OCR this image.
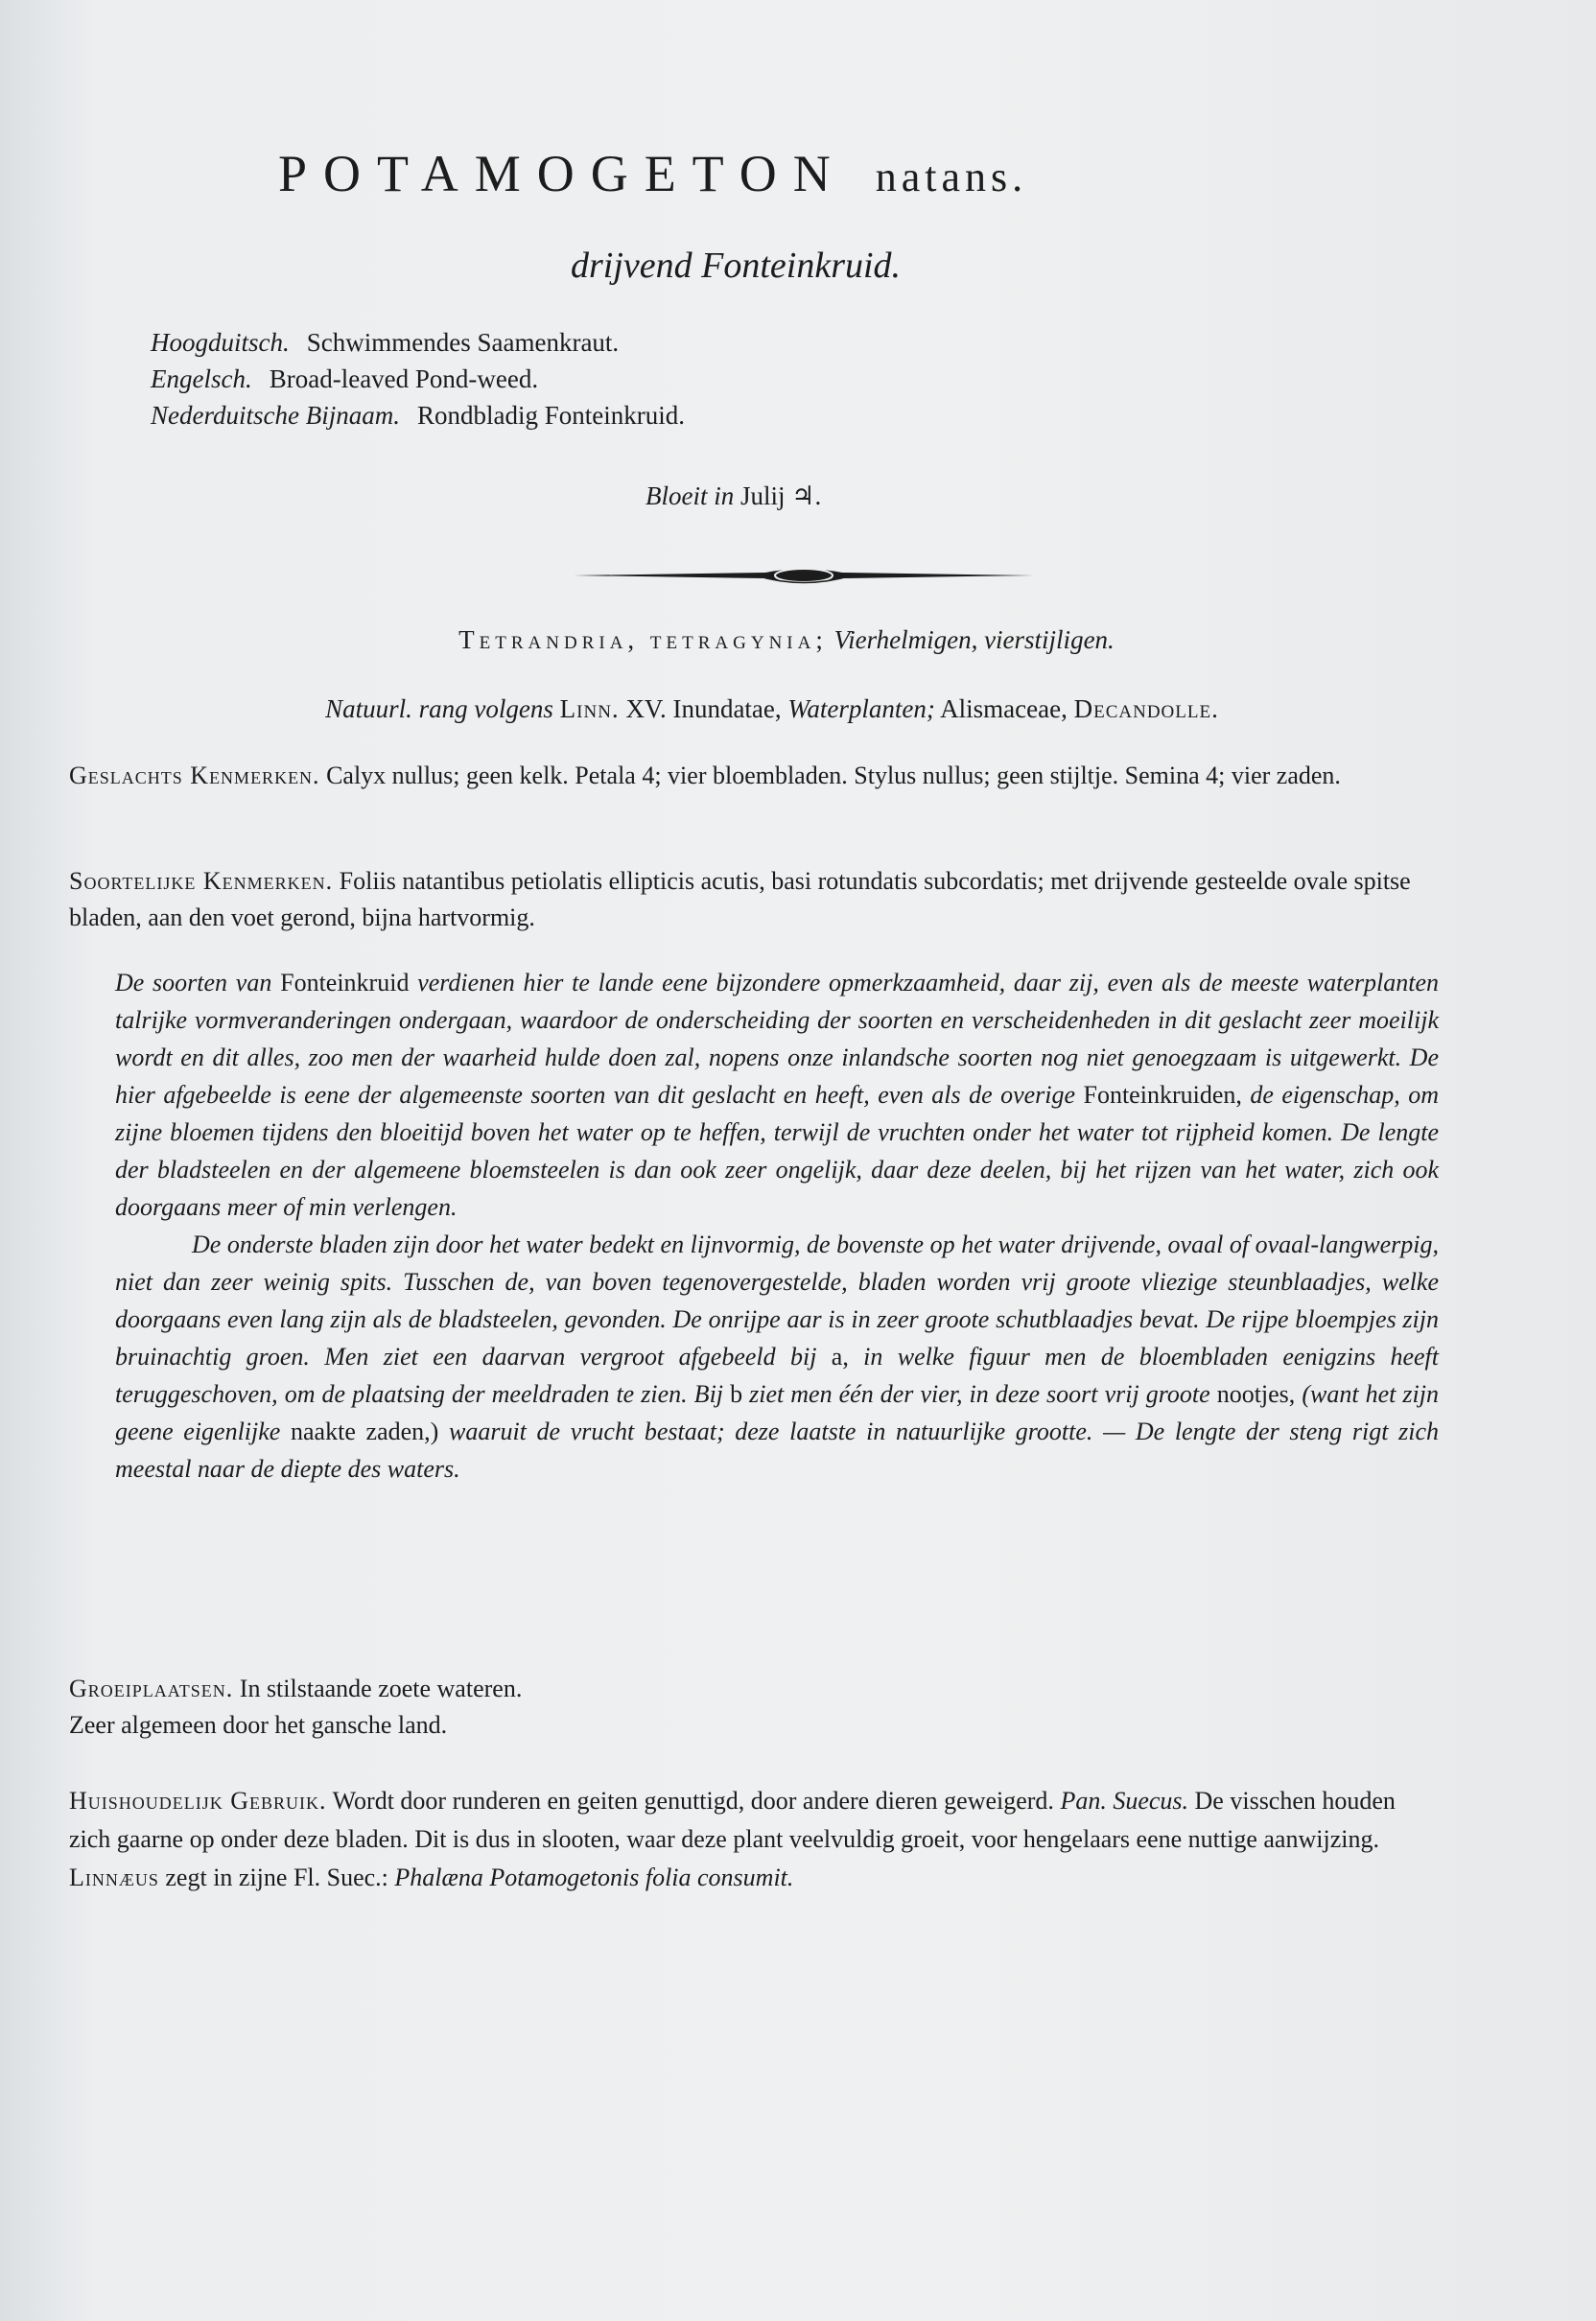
POTAMOGETON natans.
drijvend Fonteinkruid.
Hoogduitsch. Schwimmendes Saamenkraut.
Engelsch. Broad-leaved Pond-weed.
Nederduitsche Bijnaam. Rondbladig Fonteinkruid.
Bloeit in Julij ♃.
Tetrandria, tetragynia; Vierhelmigen, vierstijligen.
Natuurl. rang volgens Linn. XV. Inundatae, Waterplanten; Alismaceae, Decandolle.
Geslachts Kenmerken. Calyx nullus; geen kelk. Petala 4; vier bloembladen. Stylus nullus; geen stijltje. Semina 4; vier zaden.
Soortelijke Kenmerken. Foliis natantibus petiolatis ellipticis acutis, basi rotundatis subcordatis; met drijvende gesteelde ovale spitse bladen, aan den voet gerond, bijna hartvormig.

De soorten van Fonteinkruid verdienen hier te lande eene bijzondere opmerkzaamheid, daar zij, even als de meeste waterplanten talrijke vormveranderingen ondergaan, waardoor de onderscheiding der soorten en verscheidenheden in dit geslacht zeer moeilijk wordt en dit alles, zoo men der waarheid hulde doen zal, nopens onze inlandsche soorten nog niet genoegzaam is uitgewerkt. De hier afgebeelde is eene der algemeenste soorten van dit geslacht en heeft, even als de overige Fonteinkruiden, de eigenschap, om zijne bloemen tijdens den bloeitijd boven het water op te heffen, terwijl de vruchten onder het water tot rijpheid komen. De lengte der bladsteelen en der algemeene bloemsteelen is dan ook zeer ongelijk, daar deze deelen, bij het rijzen van het water, zich ook doorgaans meer of min verlengen.

De onderste bladen zijn door het water bedekt en lijnvormig, de bovenste op het water drijvende, ovaal of ovaal-langwerpig, niet dan zeer weinig spits. Tusschen de, van boven tegenovergestelde, bladen worden vrij groote vliezige steunblaadjes, welke doorgaans even lang zijn als de bladsteelen, gevonden. De onrijpe aar is in zeer groote schutblaadjes bevat. De rijpe bloempjes zijn bruinachtig groen. Men ziet een daarvan vergroot afgebeeld bij a, in welke figuur men de bloembladen eenigzins heeft teruggeschoven, om de plaatsing der meeldraden te zien. Bij b ziet men één der vier, in deze soort vrij groote nootjes, (want het zijn geene eigenlijke naakte zaden,) waaruit de vrucht bestaat; deze laatste in natuurlijke grootte. — De lengte der steng rigt zich meestal naar de diepte des waters.

Groeiplaatsen. In stilstaande zoete wateren.
Zeer algemeen door het gansche land.
Huishoudelijk Gebruik. Wordt door runderen en geiten genuttigd, door andere dieren geweigerd. Pan. Suecus. De visschen houden zich gaarne op onder deze bladen. Dit is dus in slooten, waar deze plant veelvuldig groeit, voor hengelaars eene nuttige aanwijzing. Linnæus zegt in zijne Fl. Suec.: Phalæna Potamogetonis folia consumit.
